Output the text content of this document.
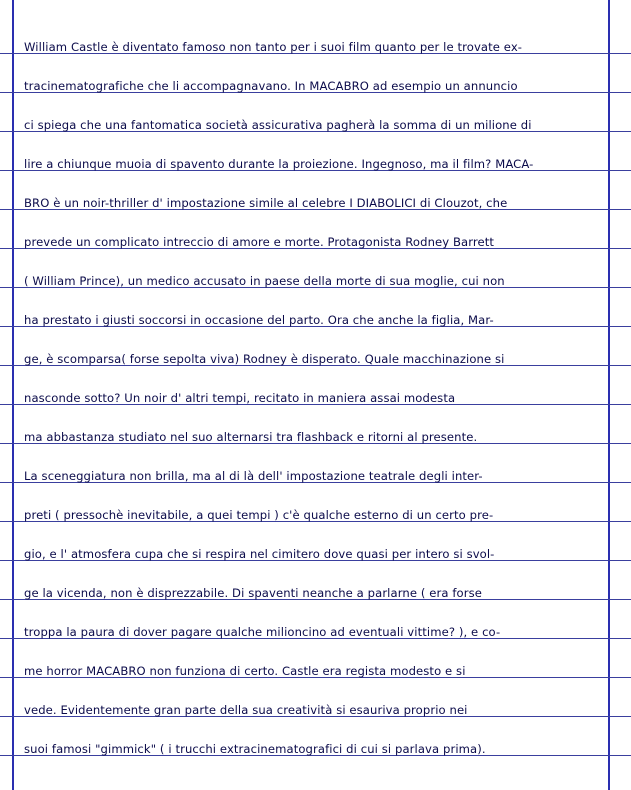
William Castle è diventato famoso non tanto per i suoi film quanto per le trovate ex-
tracinematografiche che li accompagnavano. In MACABRO ad esempio un annuncio
ci spiega che una fantomatica società assicurativa pagherà la somma di un milione di
lire a chiunque muoia di spavento durante la proiezione. Ingegnoso, ma il film? MACA-
BRO è un noir-thriller d' impostazione simile al celebre I DIABOLICI di Clouzot, che
prevede un complicato intreccio di amore e morte. Protagonista Rodney Barrett
( William Prince), un medico accusato in paese della morte di sua moglie, cui non
ha prestato i giusti soccorsi in occasione del parto. Ora che anche la figlia, Mar-
ge, è scomparsa( forse sepolta viva) Rodney è disperato. Quale macchinazione si
nasconde sotto? Un noir d' altri tempi, recitato in maniera assai modesta
ma abbastanza studiato nel suo alternarsi tra flashback e ritorni al presente.
La sceneggiatura non brilla, ma al di là dell' impostazione teatrale degli inter-
preti ( pressochè inevitabile, a quei tempi ) c'è qualche esterno di un certo pre-
gio, e l' atmosfera cupa che si respira nel cimitero dove quasi per intero si svol-
ge la vicenda, non è disprezzabile. Di spaventi neanche a parlarne ( era forse
troppa la paura di dover pagare qualche milioncino ad eventuali vittime? ), e co-
me horror MACABRO non funziona di certo. Castle era regista modesto e si
vede. Evidentemente gran parte della sua creatività si esauriva proprio nei
suoi famosi "gimmick" ( i trucchi extracinematografici di cui si parlava prima).
